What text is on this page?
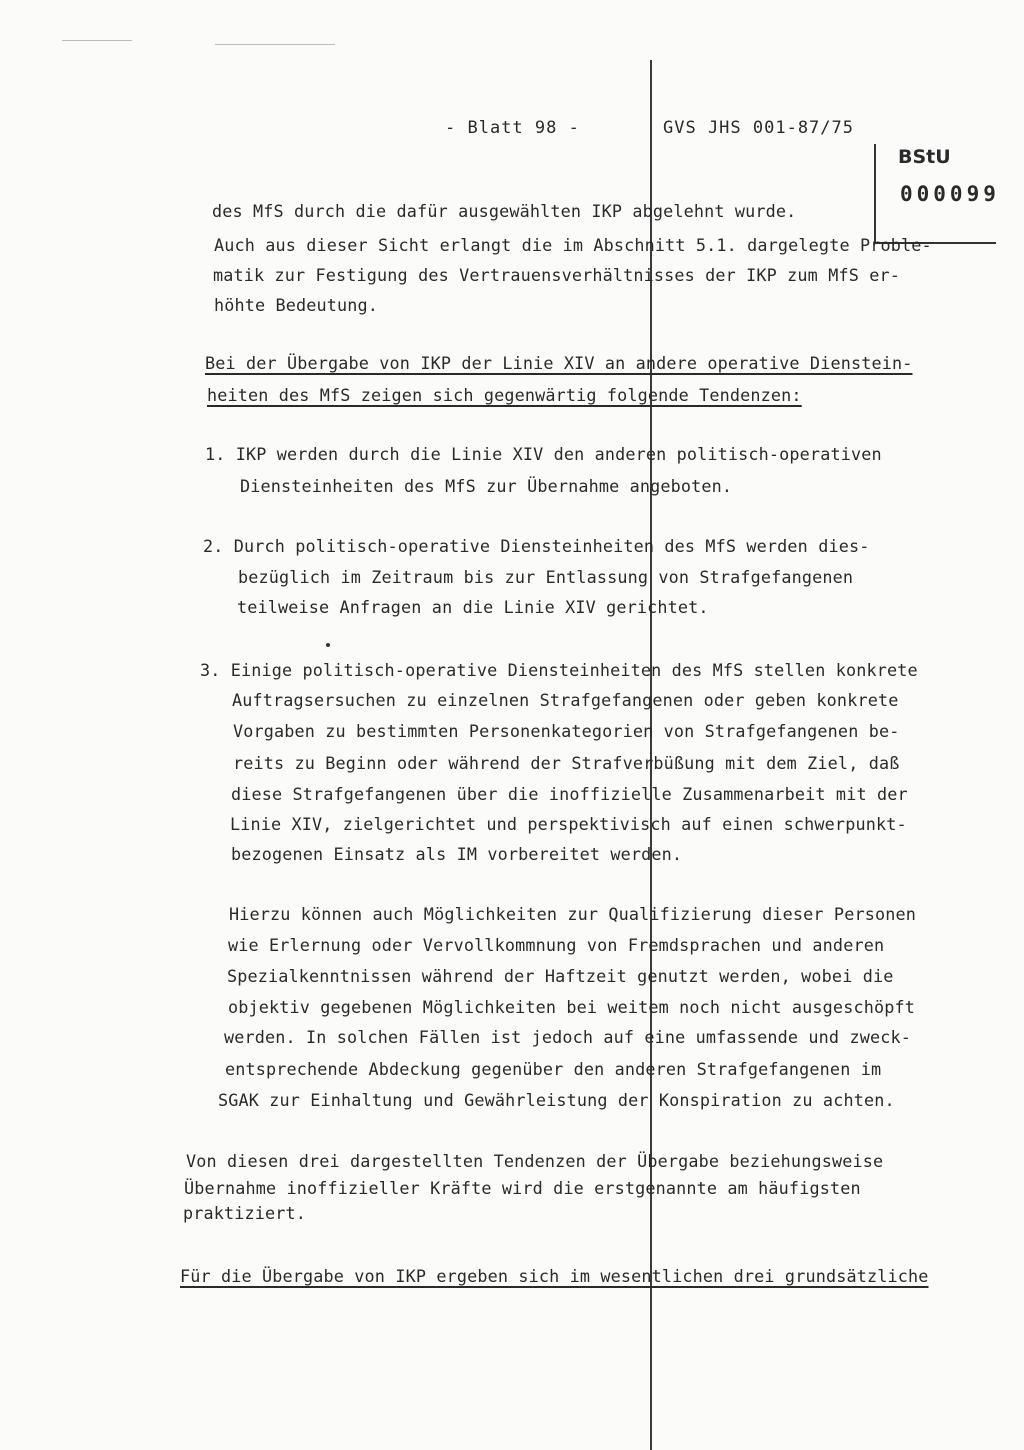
- Blatt 98 -	GVS JHS 001-87/75
BStU
000099
des MfS durch die dafür ausgewählten IKP abgelehnt wurde.
Auch aus dieser Sicht erlangt die im Abschnitt 5.1. dargelegte Proble-
matik zur Festigung des Vertrauensverhältnisses der IKP zum MfS er-
höhte Bedeutung.
Bei der Übergabe von IKP der Linie XIV an andere operative Dienstein-
heiten des MfS zeigen sich gegenwärtig folgende Tendenzen:
1. IKP werden durch die Linie XIV den anderen politisch-operativen
Diensteinheiten des MfS zur Übernahme angeboten.
2. Durch politisch-operative Diensteinheiten des MfS werden dies-
bezüglich im Zeitraum bis zur Entlassung von Strafgefangenen
teilweise Anfragen an die Linie XIV gerichtet.
3. Einige politisch-operative Diensteinheiten des MfS stellen konkrete
Auftragsersuchen zu einzelnen Strafgefangenen oder geben konkrete
Vorgaben zu bestimmten Personenkategorien von Strafgefangenen be-
reits zu Beginn oder während der Strafverbüßung mit dem Ziel, daß
diese Strafgefangenen über die inoffizielle Zusammenarbeit mit der
Linie XIV, zielgerichtet und perspektivisch auf einen schwerpunkt-
bezogenen Einsatz als IM vorbereitet werden.
Hierzu können auch Möglichkeiten zur Qualifizierung dieser Personen
wie Erlernung oder Vervollkommnung von Fremdsprachen und anderen
Spezialkenntnissen während der Haftzeit genutzt werden, wobei die
objektiv gegebenen Möglichkeiten bei weitem noch nicht ausgeschöpft
werden. In solchen Fällen ist jedoch auf eine umfassende und zweck-
entsprechende Abdeckung gegenüber den anderen Strafgefangenen im
SGAK zur Einhaltung und Gewährleistung der Konspiration zu achten.
Von diesen drei dargestellten Tendenzen der Übergabe beziehungsweise
Übernahme inoffizieller Kräfte wird die erstgenannte am häufigsten
praktiziert.
Für die Übergabe von IKP ergeben sich im wesentlichen drei grundsätzliche
